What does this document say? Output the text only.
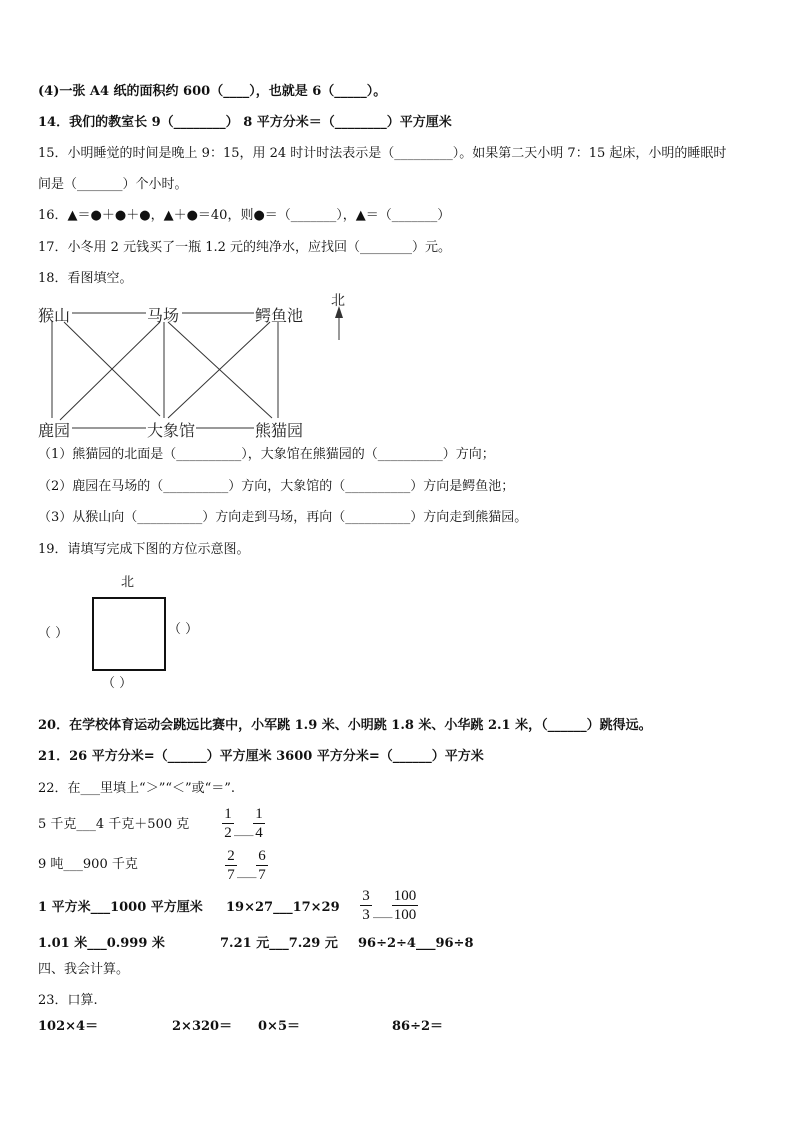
(4)一张 A4 纸的面积约 600（____），也就是 6（_____）。
14．我们的教室长 9（________） 8 平方分米＝（________）平方厘米
15．小明睡觉的时间是晚上 9：15，用 24 时计时法表示是（_________）。如果第二天小明 7：15 起床，小明的睡眠时
间是（_______）个小时。
16．▲＝●＋●＋●，▲＋●＝40，则●＝（_______），▲＝（_______）
17．小冬用 2 元钱买了一瓶 1.2 元的纯净水，应找回（________）元。
18．看图填空。
猴山	马场	鳄鱼池
鹿园	大象馆	熊猫园
北
（1）熊猫园的北面是（__________），大象馆在熊猫园的（__________）方向；
（2）鹿园在马场的（__________）方向，大象馆的（__________）方向是鳄鱼池；
（3）从猴山向（__________）方向走到马场，再向（__________）方向走到熊猫园。
19．请填写完成下图的方位示意图。
北
（ ）	（ ）
（ ）
20．在学校体育运动会跳远比赛中，小军跳 1.9 米、小明跳 1.8 米、小华跳 2.1 米，（______）跳得远。
21．26 平方分米=（______）平方厘米 3600 平方分米=（______）平方米
22．在___里填上“＞”“＜”或“＝”.
5 千克___4 千克＋500 克
1
2 ___
1
4
9 吨___900 千克
2
7 ___
6
7
1 平方米___1000 平方厘米 19×27___17×29
3
3 ___
100
100
1.01 米___0.999 米	7.21 元___7.29 元 96÷2÷4___96÷8
四、我会计算。
23．口算.
102×4＝	2×320＝ 0×5＝	86÷2＝
